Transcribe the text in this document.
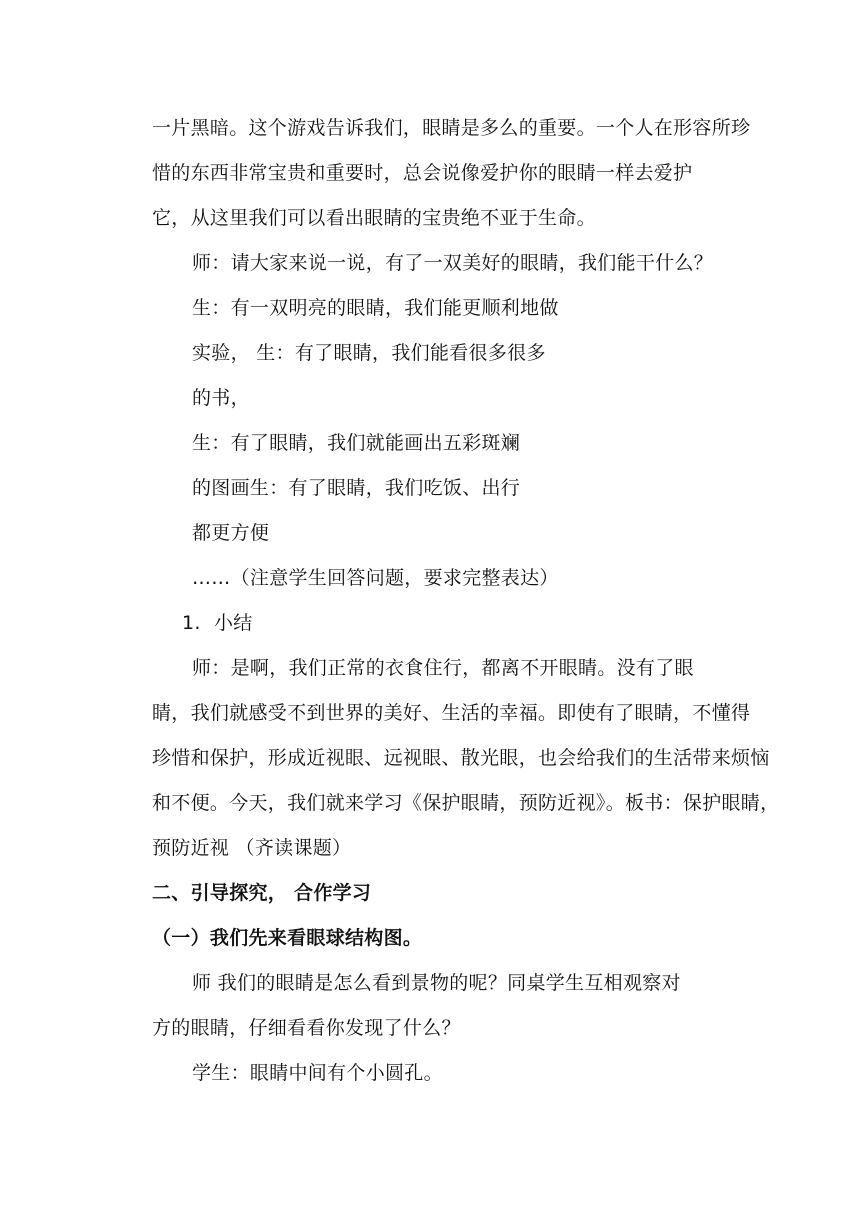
一片黑暗。这个游戏告诉我们，眼睛是多么的重要。一个人在形容所珍
惜的东西非常宝贵和重要时，总会说像爱护你的眼睛一样去爱护
它，从这里我们可以看出眼睛的宝贵绝不亚于生命。
师：请大家来说一说，有了一双美好的眼睛，我们能干什么？
生：有一双明亮的眼睛，我们能更顺利地做
实验， 生：有了眼睛，我们能看很多很多
的书，
生：有了眼睛，我们就能画出五彩斑斓
的图画生：有了眼睛，我们吃饭、出行
都更方便
……（注意学生回答问题，要求完整表达）
1. 小结
师：是啊，我们正常的衣食住行，都离不开眼睛。没有了眼
睛，我们就感受不到世界的美好、生活的幸福。即使有了眼睛，不懂得
珍惜和保护，形成近视眼、远视眼、散光眼，也会给我们的生活带来烦恼
和不便。今天，我们就来学习《保护眼睛，预防近视》。板书：保护眼睛，
预防近视 （齐读课题）
二、引导探究， 合作学习
（一）我们先来看眼球结构图。
师 我们的眼睛是怎么看到景物的呢？同桌学生互相观察对
方的眼睛，仔细看看你发现了什么？
学生：眼睛中间有个小圆孔。
